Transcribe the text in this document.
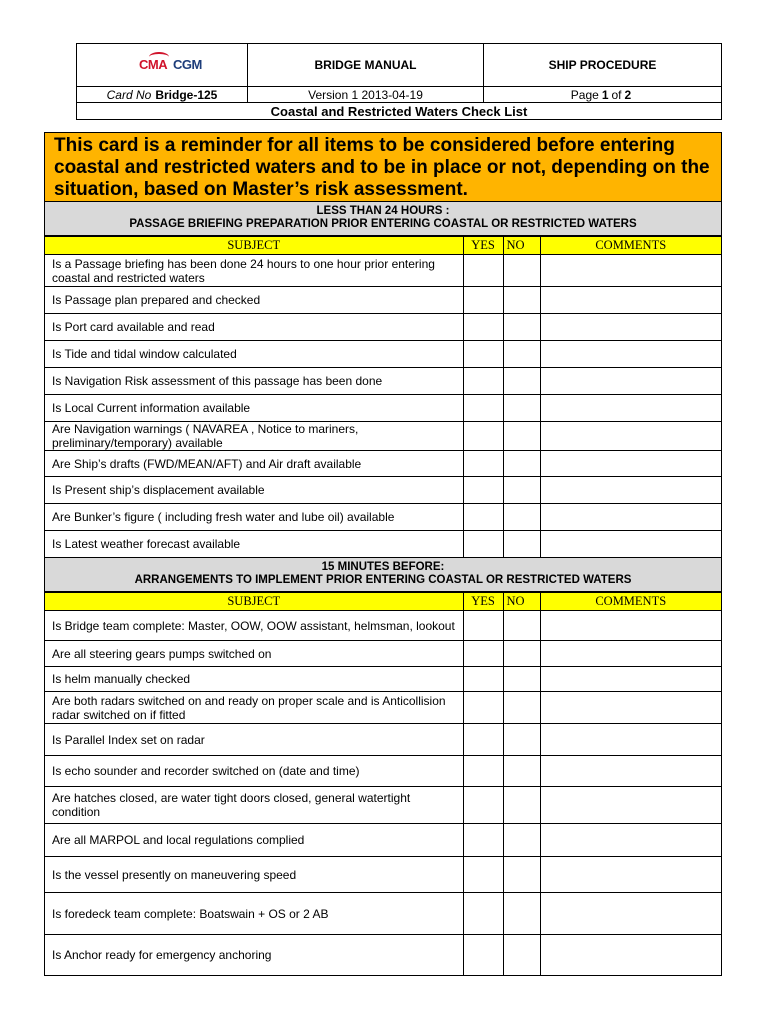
CMA CGM	BRIDGE MANUAL	SHIP PROCEDURE
Card No Bridge-125	Version 1 2013-04-19	Page 1 of 2
Coastal and Restricted Waters Check List
This card is a reminder for all items to be considered before entering coastal and restricted waters and to be in place or not, depending on the situation, based on Master’s risk assessment.
LESS THAN 24 HOURS :
PASSAGE BRIEFING PREPARATION PRIOR ENTERING COASTAL OR RESTRICTED WATERS
SUBJECT	YES	NO	COMMENTS
Is a Passage briefing has been done 24 hours to one hour prior entering coastal and restricted waters			
Is Passage plan prepared and checked			
Is Port card available and read			
Is Tide and tidal window calculated			
Is Navigation Risk assessment of this passage has been done			
Is Local Current information available			
Are Navigation warnings ( NAVAREA , Notice to mariners, preliminary/temporary) available			
Are Ship’s drafts (FWD/MEAN/AFT) and Air draft available			
Is Present ship’s displacement available			
Are Bunker’s figure ( including fresh water and lube oil) available			
Is Latest weather forecast available			
15 MINUTES BEFORE:
ARRANGEMENTS TO IMPLEMENT PRIOR ENTERING COASTAL OR RESTRICTED WATERS
SUBJECT	YES	NO	COMMENTS
Is Bridge team complete: Master, OOW, OOW assistant, helmsman, lookout			
Are all steering gears pumps switched on			
Is helm manually checked			
Are both radars switched on and ready on proper scale and is Anticollision radar switched on if fitted			
Is Parallel Index set on radar			
Is echo sounder and recorder switched on (date and time)			
Are hatches closed, are water tight doors closed, general watertight condition			
Are all MARPOL and local regulations complied			
Is the vessel presently on maneuvering speed			
Is foredeck team complete: Boatswain + OS or 2 AB			
Is Anchor ready for emergency anchoring			
